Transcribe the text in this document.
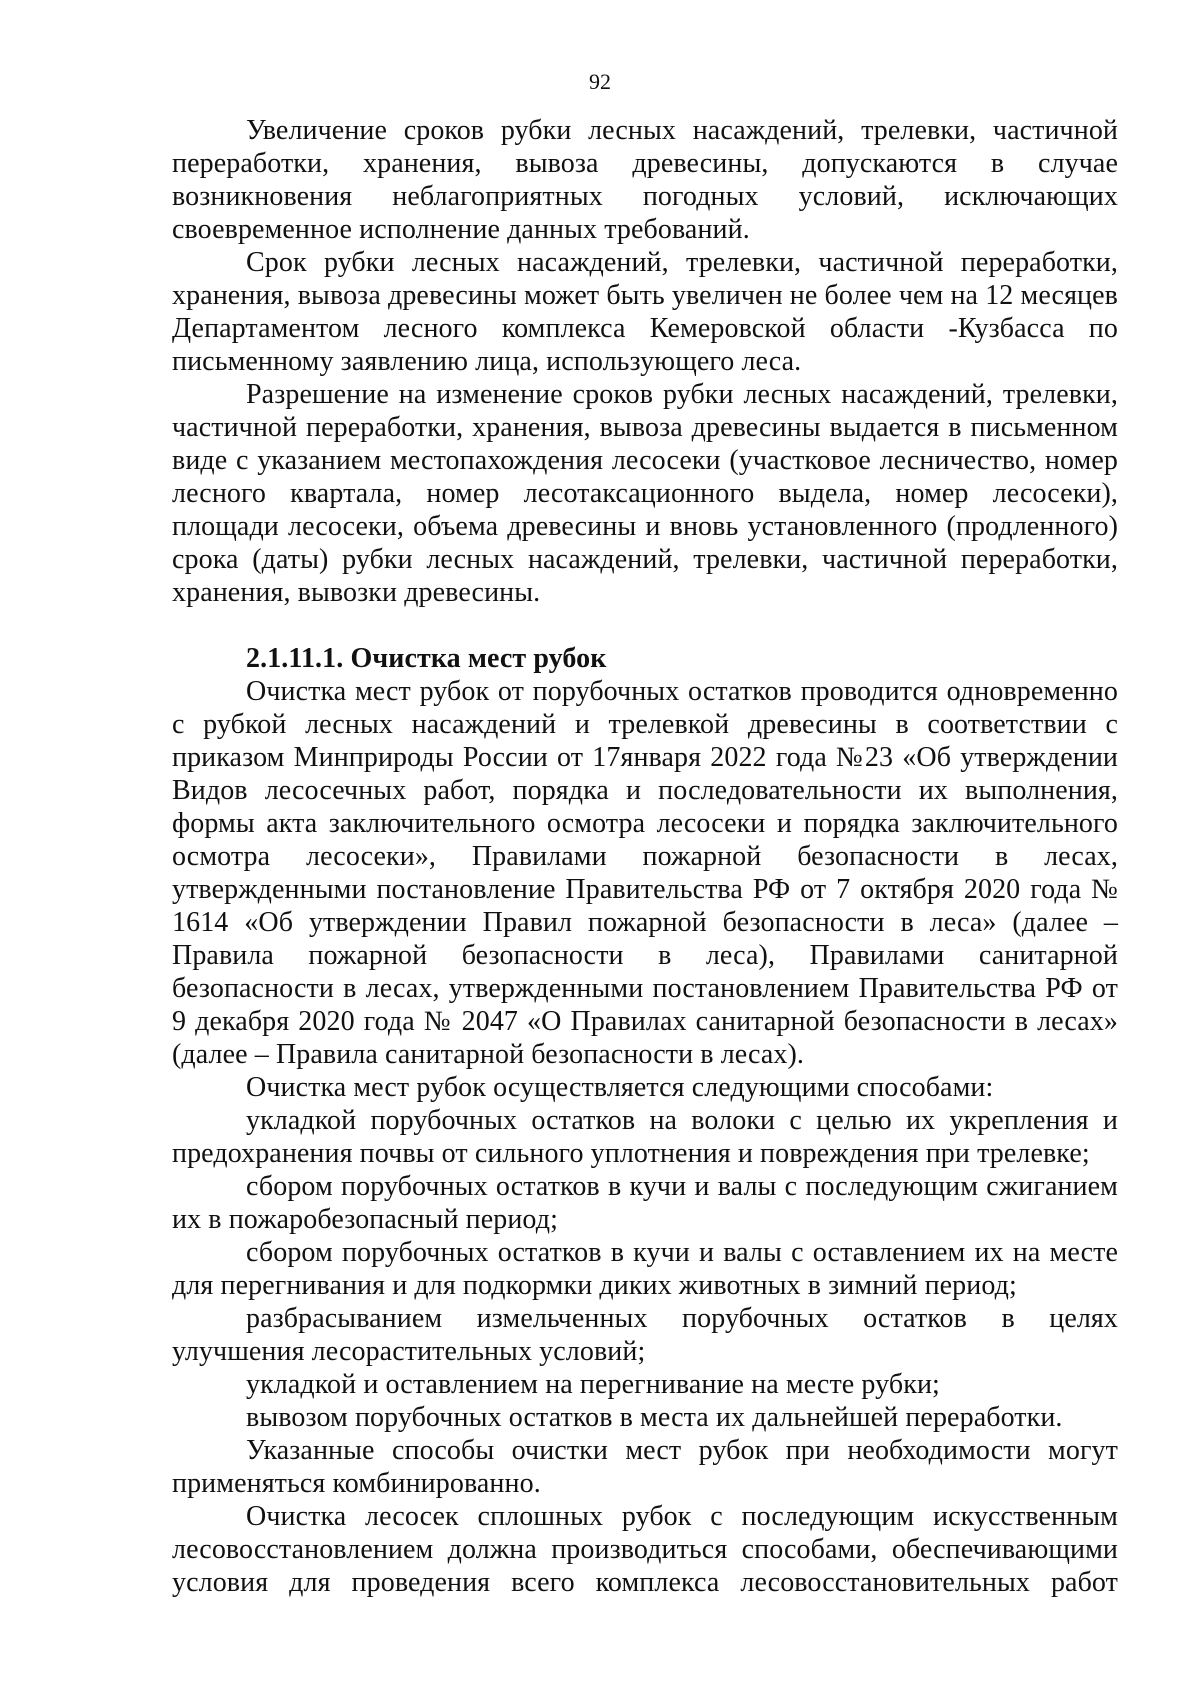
92

Увеличение сроков рубки лесных насаждений, трелевки, частичной переработки, хранения, вывоза древесины, допускаются в случае возникновения неблагоприятных погодных условий, исключающих своевременное исполнение данных требований.

Срок рубки лесных насаждений, трелевки, частичной переработки, хранения, вывоза древесины может быть увеличен не более чем на 12 месяцев Департаментом лесного комплекса Кемеровской области -Кузбасса по письменному заявлению лица, использующего леса.

Разрешение на изменение сроков рубки лесных насаждений, трелевки, частичной переработки, хранения, вывоза древесины выдается в письменном виде с указанием местопахождения лесосеки (участковое лесничество, номер лесного квартала, номер лесотаксационного выдела, номер лесосеки), площади лесосеки, объема древесины и вновь установленного (продленного) срока (даты) рубки лесных насаждений, трелевки, частичной переработки, хранения, вывозки древесины.

2.1.11.1. Очистка мест рубок

Очистка мест рубок от порубочных остатков проводится одновременно с рубкой лесных насаждений и трелевкой древесины в соответствии с приказом Минприроды России от 17января 2022 года №23 «Об утверждении Видов лесосечных работ, порядка и последовательности их выполнения, формы акта заключительного осмотра лесосеки и порядка заключительного осмотра лесосеки», Правилами пожарной безопасности в лесах, утвержденными постановление Правительства РФ от 7 октября 2020 года № 1614 «Об утверждении Правил пожарной безопасности в леса» (далее – Правила пожарной безопасности в леса), Правилами санитарной безопасности в лесах, утвержденными постановлением Правительства РФ от 9 декабря 2020 года № 2047 «О Правилах санитарной безопасности в лесах» (далее – Правила санитарной безопасности в лесах).

Очистка мест рубок осуществляется следующими способами:

укладкой порубочных остатков на волоки с целью их укрепления и предохранения почвы от сильного уплотнения и повреждения при трелевке;

сбором порубочных остатков в кучи и валы с последующим сжиганием их в пожаробезопасный период;

сбором порубочных остатков в кучи и валы с оставлением их на месте для перегнивания и для подкормки диких животных в зимний период;

разбрасыванием измельченных порубочных остатков в целях улучшения лесорастительных условий;

укладкой и оставлением на перегнивание на месте рубки;

вывозом порубочных остатков в места их дальнейшей переработки.

Указанные способы очистки мест рубок при необходимости могут применяться комбинированно.

Очистка лесосек сплошных рубок с последующим искусственным лесовосстановлением должна производиться способами, обеспечивающими условия для проведения всего комплекса лесовосстановительных работ
